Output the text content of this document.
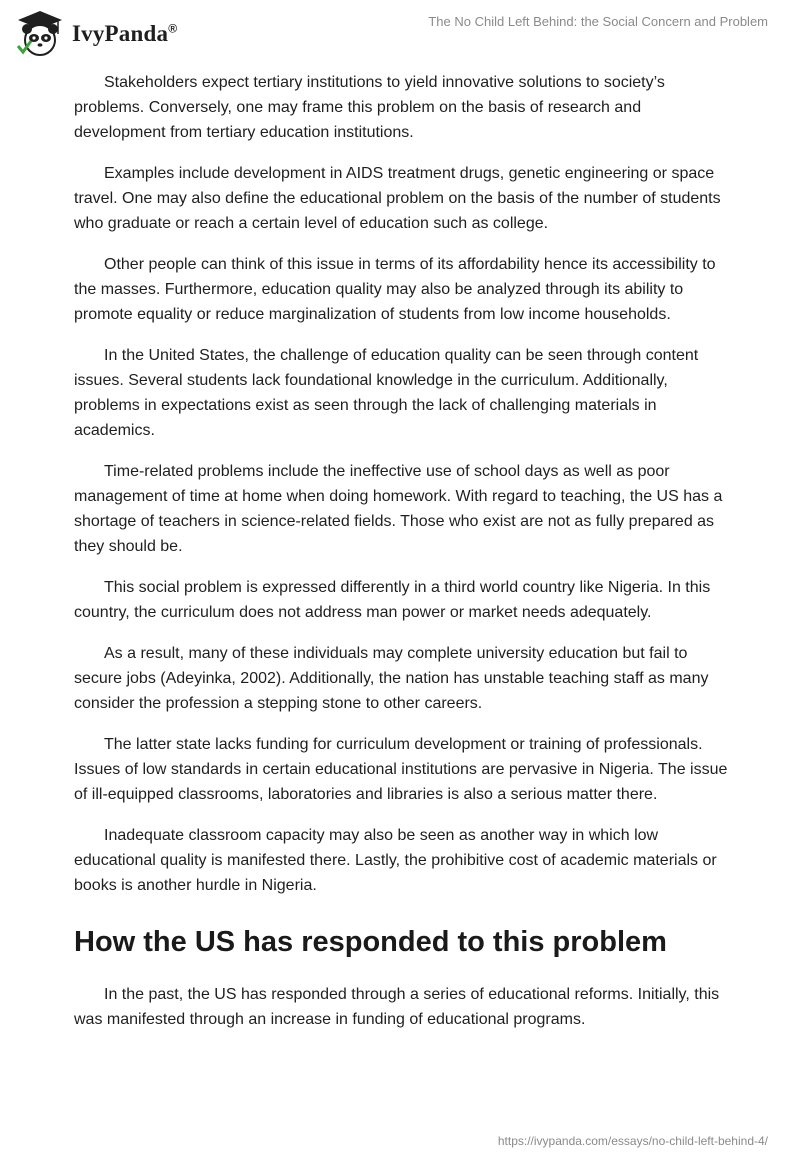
IvyPanda®	The No Child Left Behind: the Social Concern and Problem

Stakeholders expect tertiary institutions to yield innovative solutions to society’s problems. Conversely, one may frame this problem on the basis of research and development from tertiary education institutions.

Examples include development in AIDS treatment drugs, genetic engineering or space travel. One may also define the educational problem on the basis of the number of students who graduate or reach a certain level of education such as college.

Other people can think of this issue in terms of its affordability hence its accessibility to the masses. Furthermore, education quality may also be analyzed through its ability to promote equality or reduce marginalization of students from low income households.

In the United States, the challenge of education quality can be seen through content issues. Several students lack foundational knowledge in the curriculum. Additionally, problems in expectations exist as seen through the lack of challenging materials in academics.

Time-related problems include the ineffective use of school days as well as poor management of time at home when doing homework. With regard to teaching, the US has a shortage of teachers in science-related fields. Those who exist are not as fully prepared as they should be.

This social problem is expressed differently in a third world country like Nigeria. In this country, the curriculum does not address man power or market needs adequately.

As a result, many of these individuals may complete university education but fail to secure jobs (Adeyinka, 2002). Additionally, the nation has unstable teaching staff as many consider the profession a stepping stone to other careers.

The latter state lacks funding for curriculum development or training of professionals. Issues of low standards in certain educational institutions are pervasive in Nigeria. The issue of ill-equipped classrooms, laboratories and libraries is also a serious matter there.

Inadequate classroom capacity may also be seen as another way in which low educational quality is manifested there. Lastly, the prohibitive cost of academic materials or books is another hurdle in Nigeria.

How the US has responded to this problem

In the past, the US has responded through a series of educational reforms. Initially, this was manifested through an increase in funding of educational programs.

https://ivypanda.com/essays/no-child-left-behind-4/
